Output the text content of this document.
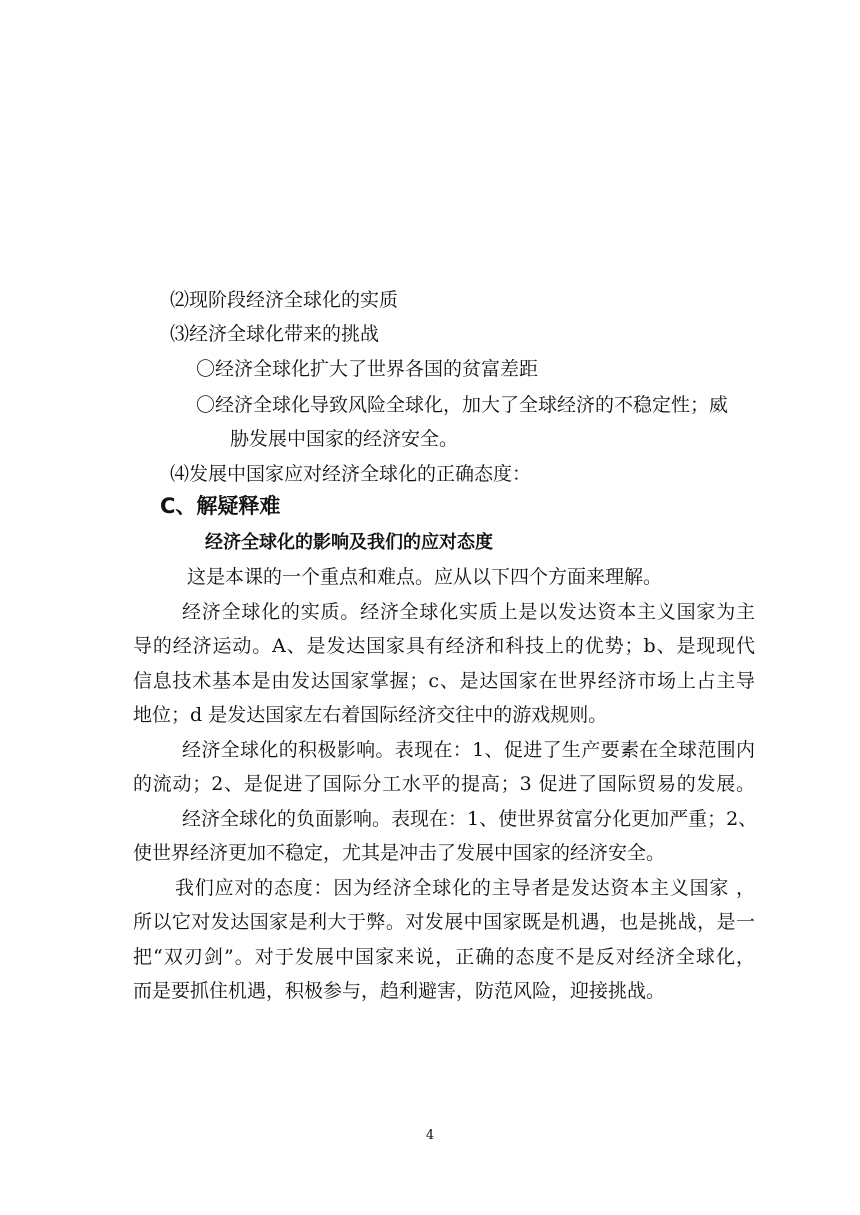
⑵现阶段经济全球化的实质
⑶经济全球化带来的挑战
〇经济全球化扩大了世界各国的贫富差距
〇经济全球化导致风险全球化，加大了全球经济的不稳定性；威
胁发展中国家的经济安全。
⑷发展中国家应对经济全球化的正确态度：
C、解疑释难
经济全球化的影响及我们的应对态度
这是本课的一个重点和难点。应从以下四个方面来理解。
经济全球化的实质。经济全球化实质上是以发达资本主义国家为主
导的经济运动。A、是发达国家具有经济和科技上的优势；b、是现现代
信息技术基本是由发达国家掌握；c、是达国家在世界经济市场上占主导
地位；d 是发达国家左右着国际经济交往中的游戏规则。
经济全球化的积极影响。表现在：1、促进了生产要素在全球范围内
的流动；2、是促进了国际分工水平的提高；3 促进了国际贸易的发展。
经济全球化的负面影响。表现在：1、使世界贫富分化更加严重；2、
使世界经济更加不稳定，尤其是冲击了发展中国家的经济安全。
我们应对的态度：因为经济全球化的主导者是发达资本主义国家 ，
所以它对发达国家是利大于弊。对发展中国家既是机遇，也是挑战，是一
把“双刃剑”。对于发展中国家来说，正确的态度不是反对经济全球化，
而是要抓住机遇，积极参与，趋利避害，防范风险，迎接挑战。
4
